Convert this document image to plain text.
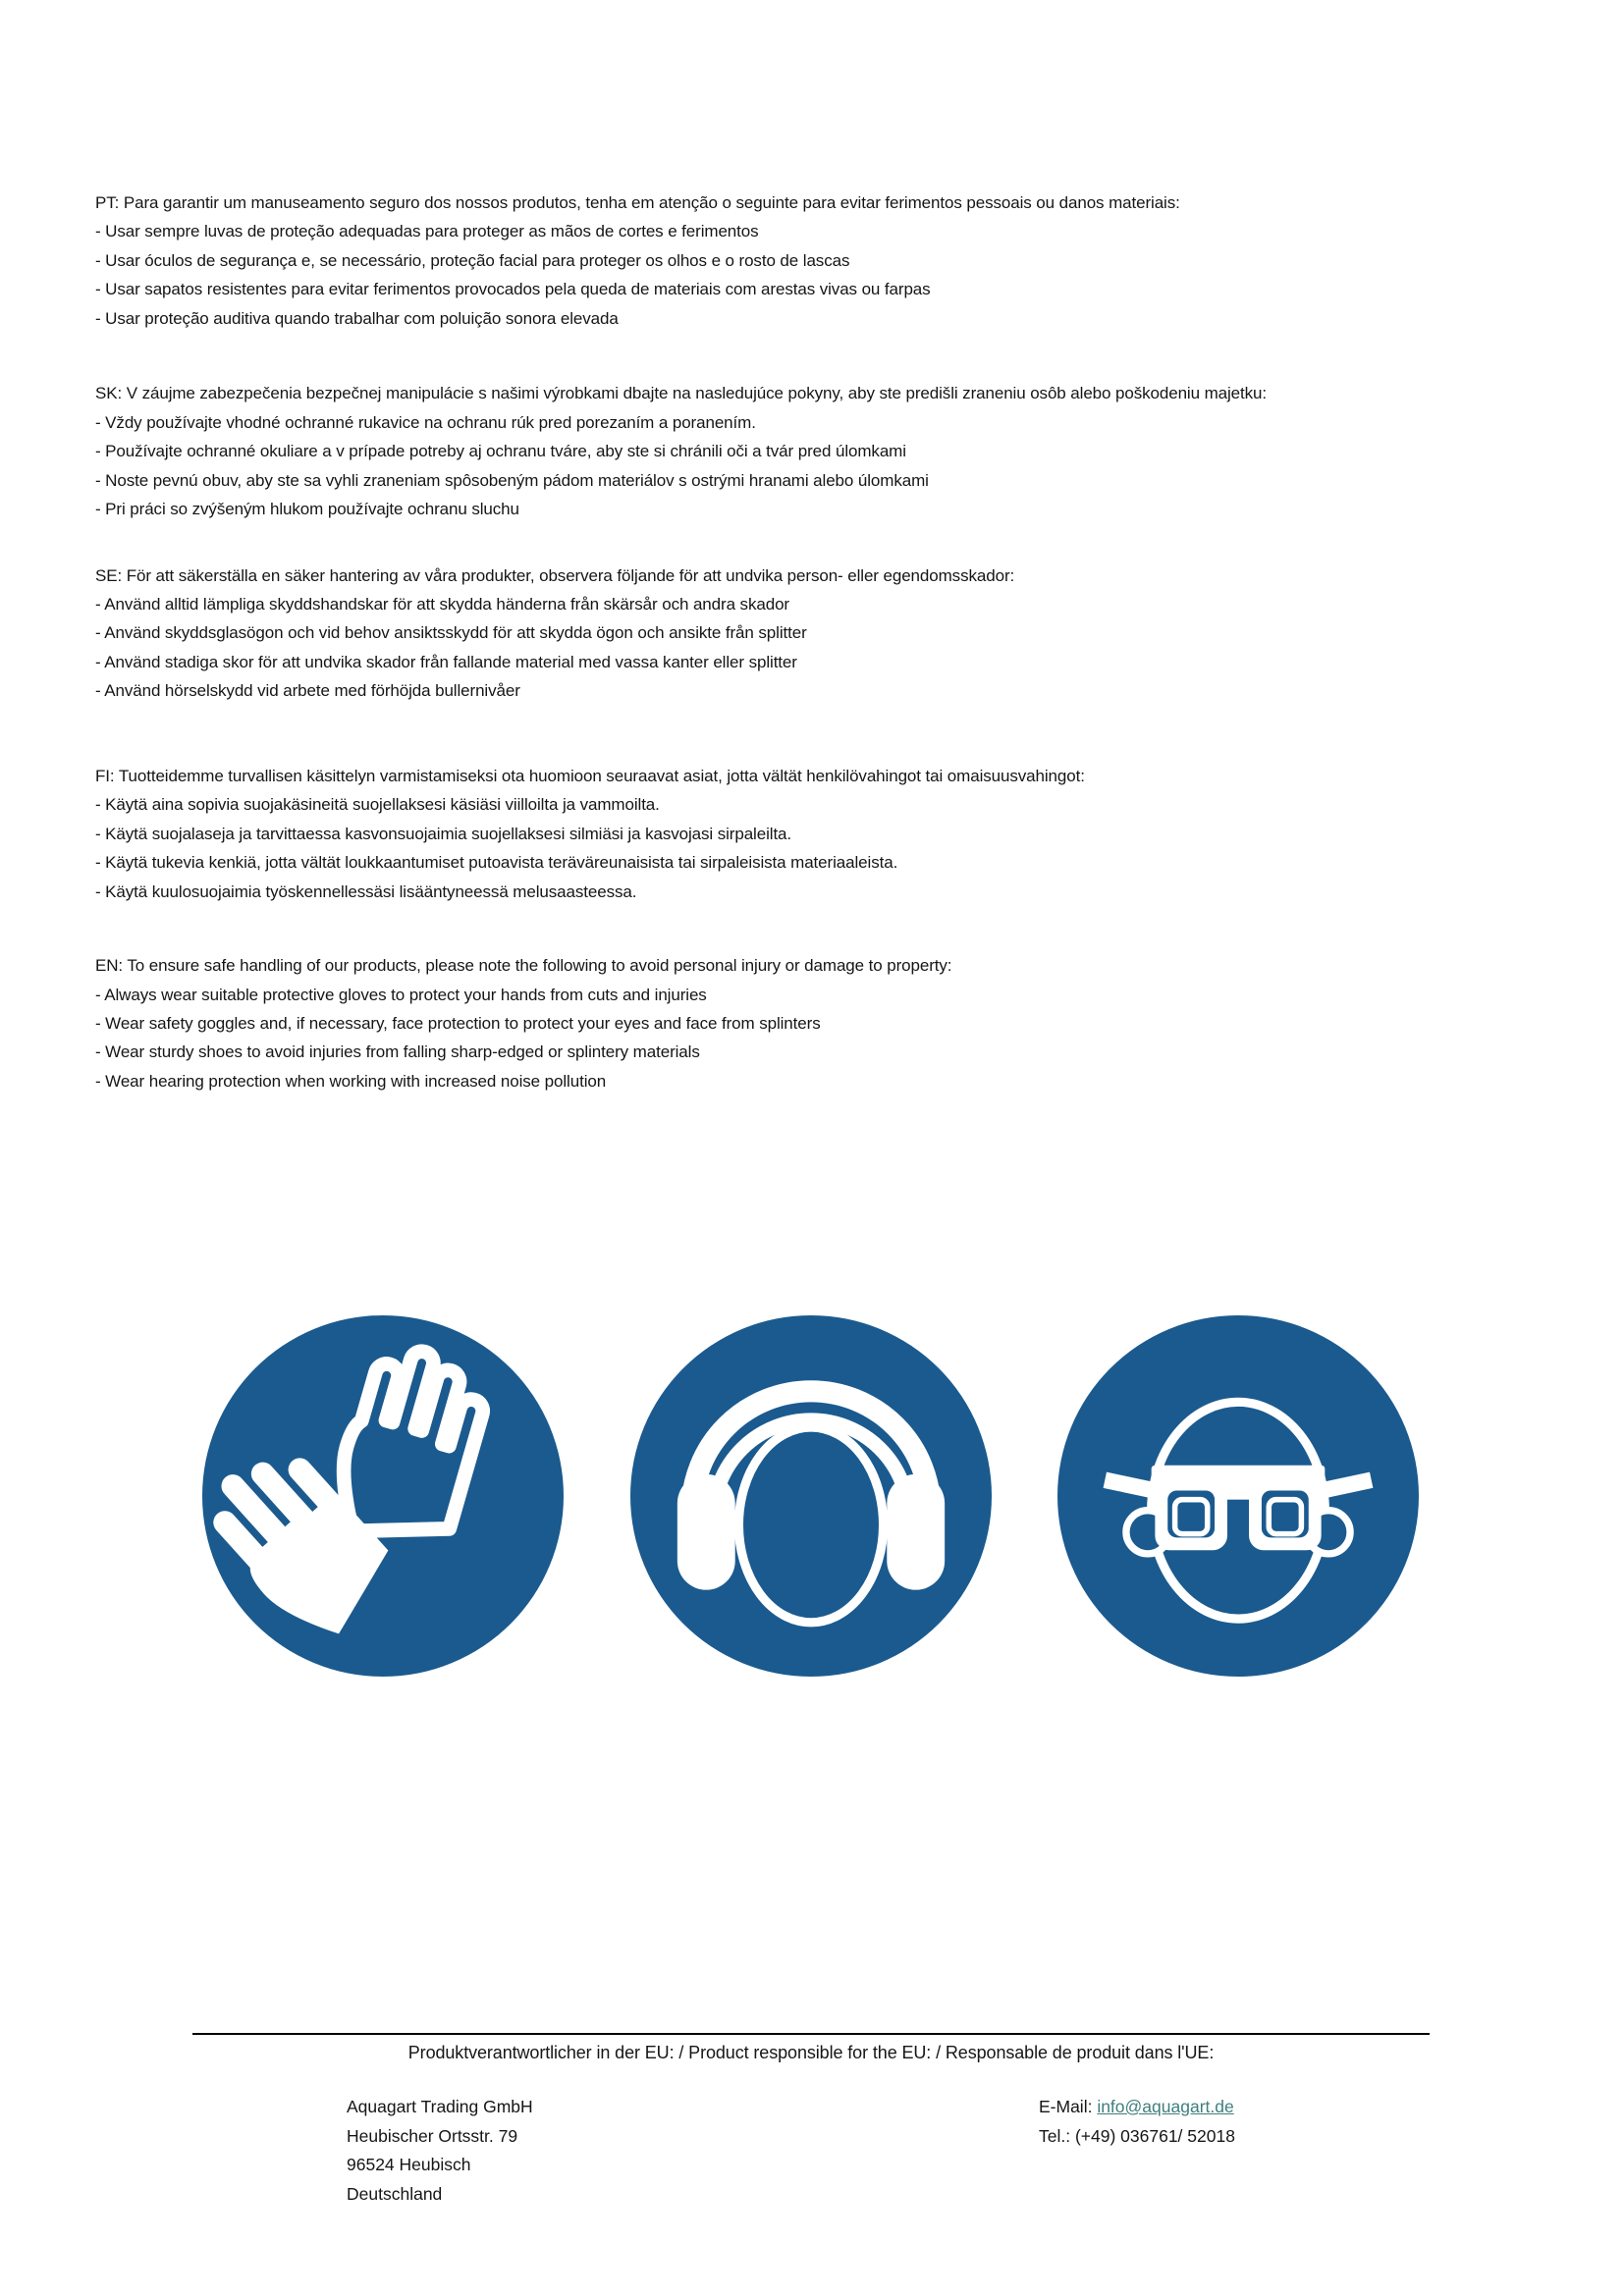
PT: Para garantir um manuseamento seguro dos nossos produtos, tenha em atenção o seguinte para evitar ferimentos pessoais ou danos materiais:

- Usar sempre luvas de proteção adequadas para proteger as mãos de cortes e ferimentos

- Usar óculos de segurança e, se necessário, proteção facial para proteger os olhos e o rosto de lascas

- Usar sapatos resistentes para evitar ferimentos provocados pela queda de materiais com arestas vivas ou farpas

- Usar proteção auditiva quando trabalhar com poluição sonora elevada

SK: V záujme zabezpečenia bezpečnej manipulácie s našimi výrobkami dbajte na nasledujúce pokyny, aby ste predišli zraneniu osôb alebo poškodeniu majetku:

- Vždy používajte vhodné ochranné rukavice na ochranu rúk pred porezaním a poranením.

- Používajte ochranné okuliare a v prípade potreby aj ochranu tváre, aby ste si chránili oči a tvár pred úlomkami

- Noste pevnú obuv, aby ste sa vyhli zraneniam spôsobeným pádom materiálov s ostrými hranami alebo úlomkami

- Pri práci so zvýšeným hlukom používajte ochranu sluchu

SE: För att säkerställa en säker hantering av våra produkter, observera följande för att undvika person- eller egendomsskador:

- Använd alltid lämpliga skyddshandskar för att skydda händerna från skärsår och andra skador

- Använd skyddsglasögon och vid behov ansiktsskydd för att skydda ögon och ansikte från splitter

- Använd stadiga skor för att undvika skador från fallande material med vassa kanter eller splitter

- Använd hörselskydd vid arbete med förhöjda bullernivåer

FI: Tuotteidemme turvallisen käsittelyn varmistamiseksi ota huomioon seuraavat asiat, jotta vältät henkilövahingot tai omaisuusvahingot:

- Käytä aina sopivia suojakäsineitä suojellaksesi käsiäsi viilloilta ja vammoilta.

- Käytä suojalaseja ja tarvittaessa kasvonsuojaimia suojellaksesi silmiäsi ja kasvojasi sirpaleilta.

- Käytä tukevia kenkiä, jotta vältät loukkaantumiset putoavista teräväreunaisista tai sirpaleisista materiaaleista.

- Käytä kuulosuojaimia työskennellessäsi lisääntyneessä melusaasteessa.

EN: To ensure safe handling of our products, please note the following to avoid personal injury or damage to property:

- Always wear suitable protective gloves to protect your hands from cuts and injuries

- Wear safety goggles and, if necessary, face protection to protect your eyes and face from splinters

- Wear sturdy shoes to avoid injuries from falling sharp-edged or splintery materials

- Wear hearing protection when working with increased noise pollution

Produktverantwortlicher in der EU: / Product responsible for the EU: / Responsable de produit dans l'UE:

Aquagart Trading GmbH

Heubischer Ortsstr. 79

96524 Heubisch

Deutschland

E-Mail: info@aquagart.de

Tel.: (+49) 036761/ 52018
